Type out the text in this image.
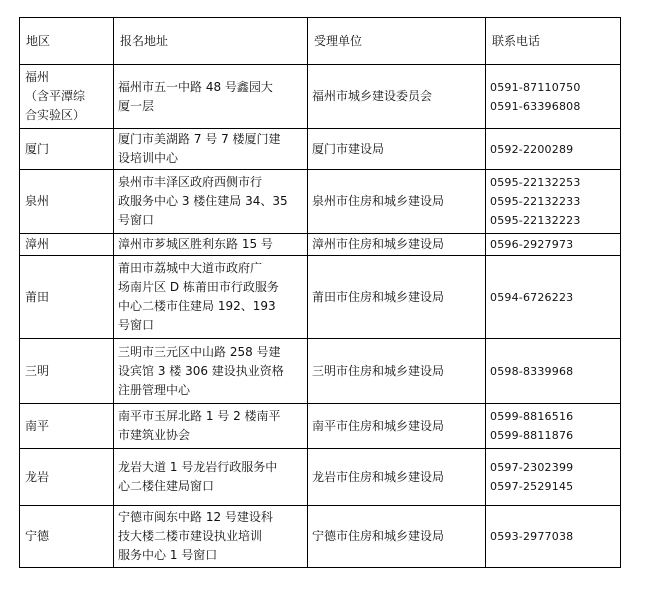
地区	报名地址	受理单位	联系电话

福州
（含平潭综
合实验区）	福州市五一中路 48 号鑫园大
厦一层	福州市城乡建设委员会	0591-87110750
0591-63396808

厦门	厦门市美湖路 7 号 7 楼厦门建
设培训中心	厦门市建设局	0592-2200289

泉州	泉州市丰泽区政府西侧市行
政服务中心 3 楼住建局 34、35
号窗口	泉州市住房和城乡建设局	0595-22132253
0595-22132233
0595-22132223

漳州	漳州市芗城区胜利东路 15 号	漳州市住房和城乡建设局	0596-2927973

莆田	莆田市荔城中大道市政府广
场南片区 D 栋莆田市行政服务
中心二楼市住建局 192、193
号窗口	莆田市住房和城乡建设局	0594-6726223

三明	三明市三元区中山路 258 号建
设宾馆 3 楼 306 建设执业资格
注册管理中心	三明市住房和城乡建设局	0598-8339968

南平	南平市玉屏北路 1 号 2 楼南平
市建筑业协会	南平市住房和城乡建设局	0599-8816516
0599-8811876

龙岩	龙岩大道 1 号龙岩行政服务中
心二楼住建局窗口	龙岩市住房和城乡建设局	0597-2302399
0597-2529145

宁德	宁德市闽东中路 12 号建设科
技大楼二楼市建设执业培训
服务中心 1 号窗口	宁德市住房和城乡建设局	0593-2977038
